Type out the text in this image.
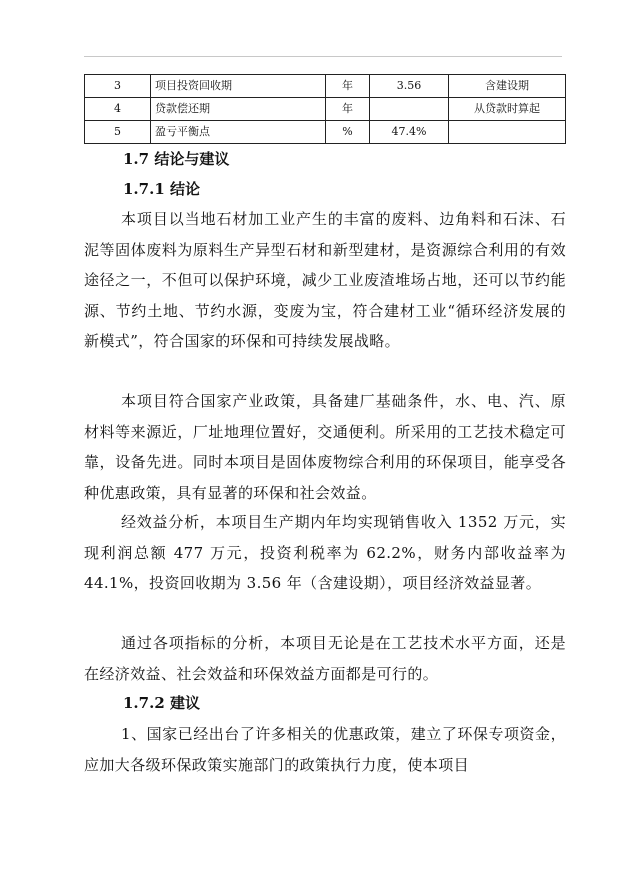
3	项目投资回收期	年	3.56	含建设期
4	贷款偿还期	年		从贷款时算起
5	盈亏平衡点	%	47.4%	
1.7 结论与建议
1.7.1 结论

本项目以当地石材加工业产生的丰富的废料、边角料和石沫、石泥等固体废料为原料生产异型石材和新型建材，是资源综合利用的有效途径之一，不但可以保护环境，减少工业废渣堆场占地，还可以节约能源、节约土地、节约水源，变废为宝，符合建材工业“循环经济发展的新模式”，符合国家的环保和可持续发展战略。

本项目符合国家产业政策，具备建厂基础条件，水、电、汽、原材料等来源近，厂址地理位置好，交通便利。所采用的工艺技术稳定可靠，设备先进。同时本项目是固体废物综合利用的环保项目，能享受各种优惠政策，具有显著的环保和社会效益。

经效益分析，本项目生产期内年均实现销售收入 1352 万元，实现利润总额 477 万元，投资利税率为 62.2%，财务内部收益率为 44.1%，投资回收期为 3.56 年（含建设期），项目经济效益显著。

通过各项指标的分析，本项目无论是在工艺技术水平方面，还是在经济效益、社会效益和环保效益方面都是可行的。

1.7.2 建议

1、国家已经出台了许多相关的优惠政策，建立了环保专项资金，应加大各级环保政策实施部门的政策执行力度，使本项目
